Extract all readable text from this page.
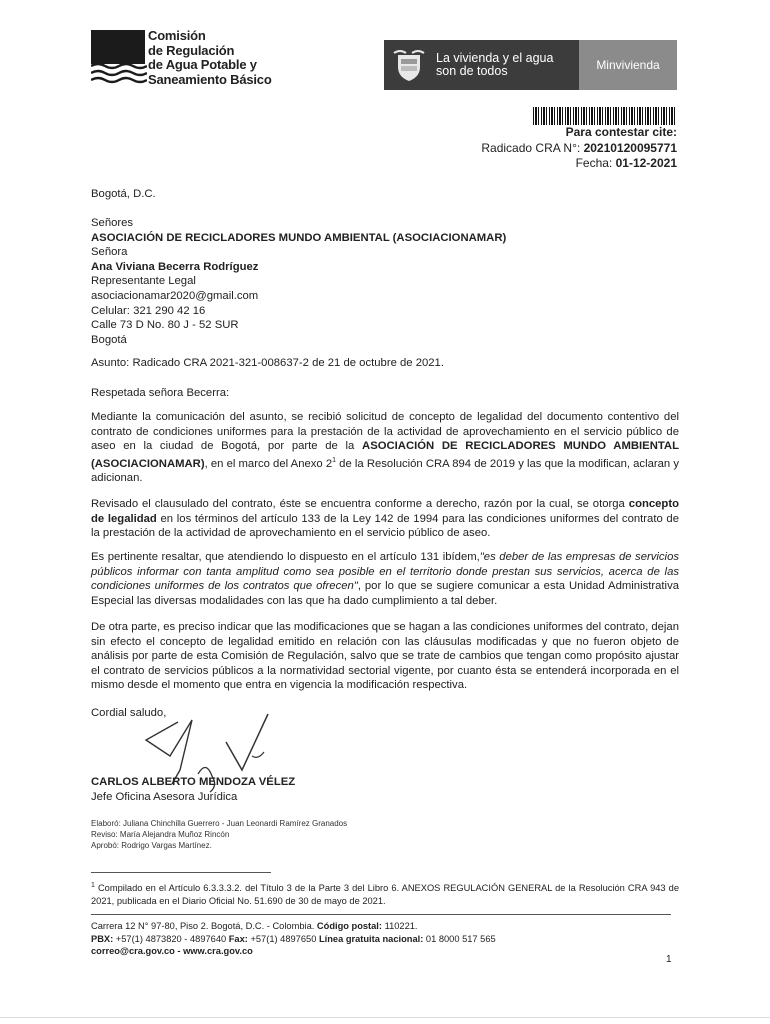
Comisión
de Regulación
de Agua Potable y
Saneamiento Básico
La vivienda y el agua
son de todos	Minvivienda
Para contestar cite:
Radicado CRA N°: 20210120095771
Fecha: 01-12-2021
Bogotá, D.C.
Señores
ASOCIACIÓN DE RECICLADORES MUNDO AMBIENTAL (ASOCIACIONAMAR)
Señora
Ana Viviana Becerra Rodríguez
Representante Legal
asociacionamar2020@gmail.com
Celular: 321 290 42 16
Calle 73 D No. 80 J - 52 SUR
Bogotá
Asunto: Radicado CRA 2021-321-008637-2 de 21 de octubre de 2021.
Respetada señora Becerra:
Mediante la comunicación del asunto, se recibió solicitud de concepto de legalidad del documento contentivo del contrato de condiciones uniformes para la prestación de la actividad de aprovechamiento en el servicio público de aseo en la ciudad de Bogotá, por parte de la ASOCIACIÓN DE RECICLADORES MUNDO AMBIENTAL (ASOCIACIONAMAR), en el marco del Anexo $2^1$ de la Resolución CRA 894 de 2019 y las que la modifican, aclaran y adicionan.
Revisado el clausulado del contrato, éste se encuentra conforme a derecho, razón por la cual, se otorga concepto de legalidad en los términos del artículo 133 de la Ley 142 de 1994 para las condiciones uniformes del contrato de la prestación de la actividad de aprovechamiento en el servicio público de aseo.
Es pertinente resaltar, que atendiendo lo dispuesto en el artículo 131 ibídem,"es deber de las empresas de servicios públicos informar con tanta amplitud como sea posible en el territorio donde prestan sus servicios, acerca de las condiciones uniformes de los contratos que ofrecen", por lo que se sugiere comunicar a esta Unidad Administrativa Especial las diversas modalidades con las que ha dado cumplimiento a tal deber.
De otra parte, es preciso indicar que las modificaciones que se hagan a las condiciones uniformes del contrato, dejan sin efecto el concepto de legalidad emitido en relación con las cláusulas modificadas y que no fueron objeto de análisis por parte de esta Comisión de Regulación, salvo que se trate de cambios que tengan como propósito ajustar el contrato de servicios públicos a la normatividad sectorial vigente, por cuanto ésta se entenderá incorporada en el mismo desde el momento que entra en vigencia la modificación respectiva.
Cordial saludo,
CARLOS ALBERTO MENDOZA VÉLEZ
Jefe Oficina Asesora Jurídica
Elaboró: Juliana Chinchilla Guerrero - Juan Leonardi Ramírez Granados
Reviso: María Alejandra Muñoz Rincón
Aprobó: Rodrigo Vargas Martínez.
$^1$ Compilado en el Artículo 6.3.3.3.2. del Título 3 de la Parte 3 del Libro 6. ANEXOS REGULACIÓN GENERAL de la Resolución CRA 943 de 2021, publicada en el Diario Oficial No. 51.690 de 30 de mayo de 2021.
Carrera 12 N° 97-80, Piso 2. Bogotá, D.C. - Colombia. Código postal: 110221.
PBX: +57(1) 4873820 - 4897640 Fax: +57(1) 4897650 Línea gratuita nacional: 01 8000 517 565
correo@cra.gov.co - www.cra.gov.co
1
